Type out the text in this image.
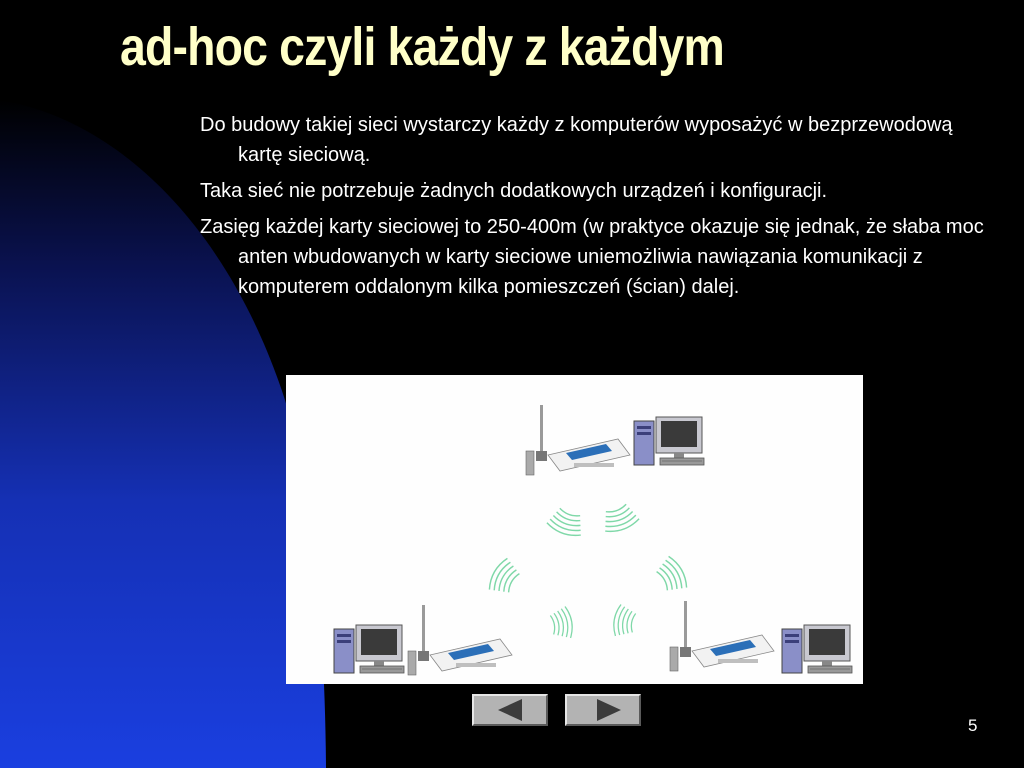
ad-hoc czyli każdy z każdym
Do budowy takiej sieci wystarczy każdy z komputerów wyposażyć w bezprzewodową kartę sieciową.
Taka sieć nie potrzebuje żadnych dodatkowych urządzeń i konfiguracji.
Zasięg każdej karty sieciowej to 250-400m (w praktyce okazuje się jednak, że słaba moc anten wbudowanych w karty sieciowe uniemożliwia nawiązania komunikacji z komputerem oddalonym kilka pomieszczeń (ścian) dalej.
5
